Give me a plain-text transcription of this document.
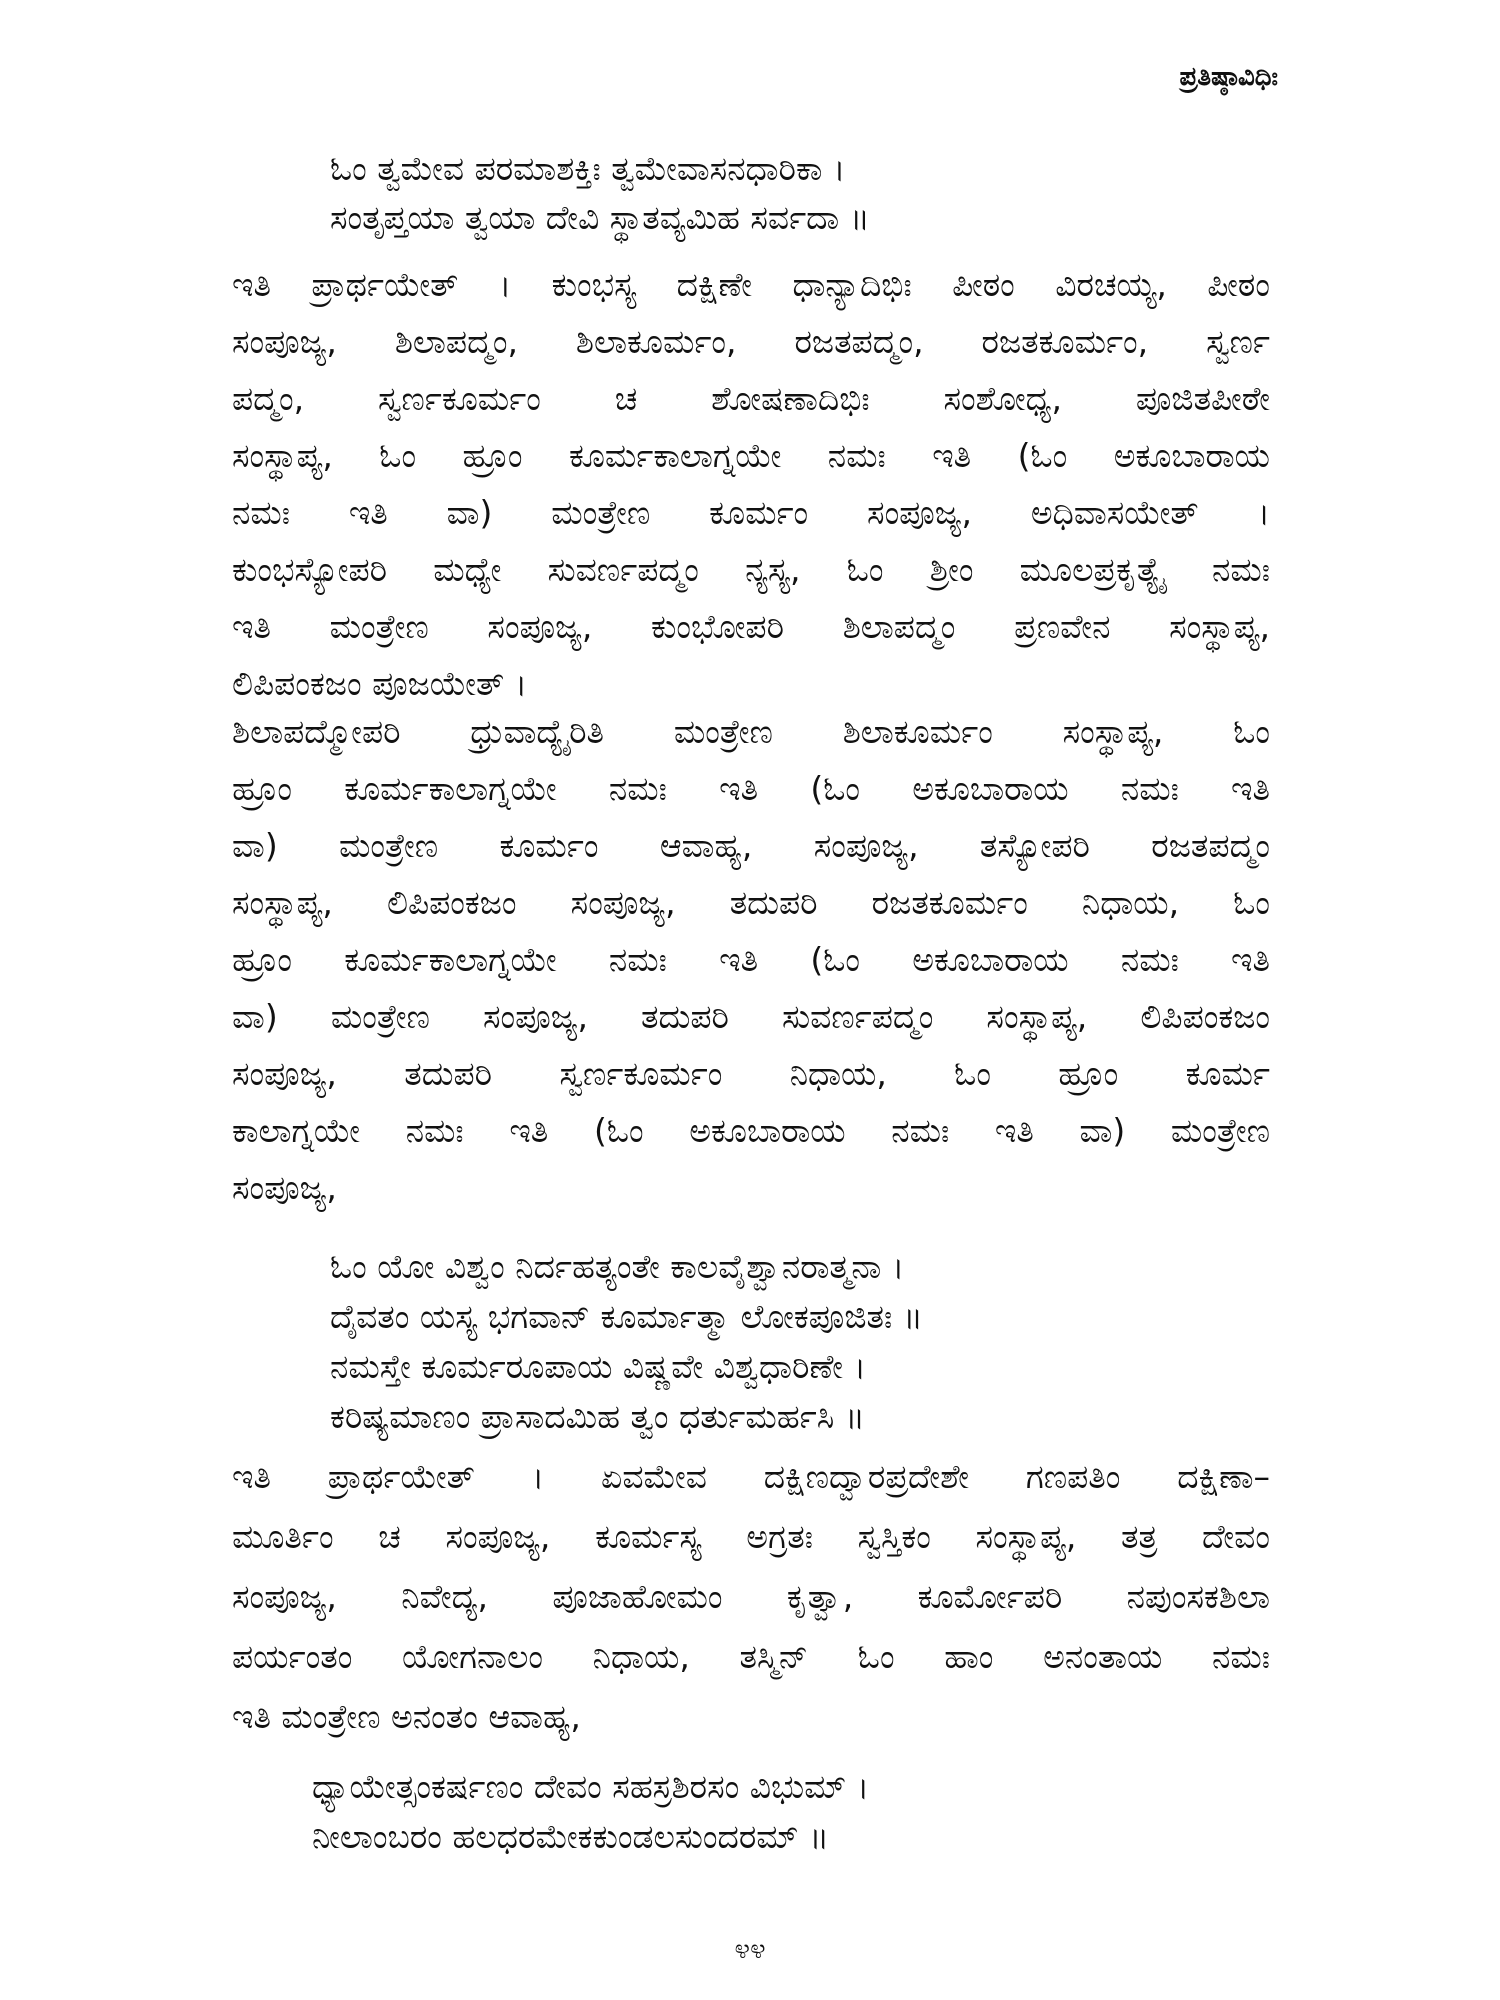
ಪ್ರತಿಷ್ಠಾವಿಧಿಃ
ಓಂ ತ್ವಮೇವ ಪರಮಾಶಕ್ತಿಃ ತ್ವಮೇವಾಸನಧಾರಿಕಾ ।
ಸಂತೃಪ್ತಯಾ ತ್ವಯಾ ದೇವಿ ಸ್ಥಾತವ್ಯಮಿಹ ಸರ್ವದಾ ॥
ಇತಿ ಪ್ರಾರ್ಥಯೇತ್ । ಕುಂಭಸ್ಯ ದಕ್ಷಿಣೇ ಧಾನ್ಯಾದಿಭಿಃ ಪೀಠಂ ವಿರಚಯ್ಯ, ಪೀಠಂ
ಸಂಪೂಜ್ಯ, ಶಿಲಾಪದ್ಮಂ, ಶಿಲಾಕೂರ್ಮಂ, ರಜತಪದ್ಮಂ, ರಜತಕೂರ್ಮಂ, ಸ್ವರ್ಣ
ಪದ್ಮಂ, ಸ್ವರ್ಣಕೂರ್ಮಂ ಚ ಶೋಷಣಾದಿಭಿಃ ಸಂಶೋಧ್ಯ, ಪೂಜಿತಪೀಠೇ
ಸಂಸ್ಥಾಪ್ಯ, ಓಂ ಹ್ರೂಂ ಕೂರ್ಮಕಾಲಾಗ್ನಯೇ ನಮಃ ಇತಿ (ಓಂ ಅಕೂಬಾರಾಯ
ನಮಃ ಇತಿ ವಾ) ಮಂತ್ರೇಣ ಕೂರ್ಮಂ ಸಂಪೂಜ್ಯ, ಅಧಿವಾಸಯೇತ್ ।
ಕುಂಭಸ್ಯೋಪರಿ ಮಧ್ಯೇ ಸುವರ್ಣಪದ್ಮಂ ನ್ಯಸ್ಯ, ಓಂ ಶ್ರೀಂ ಮೂಲಪ್ರಕೃತ್ಯೈ ನಮಃ
ಇತಿ ಮಂತ್ರೇಣ ಸಂಪೂಜ್ಯ, ಕುಂಭೋಪರಿ ಶಿಲಾಪದ್ಮಂ ಪ್ರಣವೇನ ಸಂಸ್ಥಾಪ್ಯ,
ಲಿಪಿಪಂಕಜಂ ಪೂಜಯೇತ್ ।
ಶಿಲಾಪದ್ಮೋಪರಿ ಧ್ರುವಾದ್ಯೈರಿತಿ ಮಂತ್ರೇಣ ಶಿಲಾಕೂರ್ಮಂ ಸಂಸ್ಥಾಪ್ಯ, ಓಂ
ಹ್ರೂಂ ಕೂರ್ಮಕಾಲಾಗ್ನಯೇ ನಮಃ ಇತಿ (ಓಂ ಅಕೂಬಾರಾಯ ನಮಃ ಇತಿ
ವಾ) ಮಂತ್ರೇಣ ಕೂರ್ಮಂ ಆವಾಹ್ಯ, ಸಂಪೂಜ್ಯ, ತಸ್ಯೋಪರಿ ರಜತಪದ್ಮಂ
ಸಂಸ್ಥಾಪ್ಯ, ಲಿಪಿಪಂಕಜಂ ಸಂಪೂಜ್ಯ, ತದುಪರಿ ರಜತಕೂರ್ಮಂ ನಿಧಾಯ, ಓಂ
ಹ್ರೂಂ ಕೂರ್ಮಕಾಲಾಗ್ನಯೇ ನಮಃ ಇತಿ (ಓಂ ಅಕೂಬಾರಾಯ ನಮಃ ಇತಿ
ವಾ) ಮಂತ್ರೇಣ ಸಂಪೂಜ್ಯ, ತದುಪರಿ ಸುವರ್ಣಪದ್ಮಂ ಸಂಸ್ಥಾಪ್ಯ, ಲಿಪಿಪಂಕಜಂ
ಸಂಪೂಜ್ಯ, ತದುಪರಿ ಸ್ವರ್ಣಕೂರ್ಮಂ ನಿಧಾಯ, ಓಂ ಹ್ರೂಂ ಕೂರ್ಮ
ಕಾಲಾಗ್ನಯೇ ನಮಃ ಇತಿ (ಓಂ ಅಕೂಬಾರಾಯ ನಮಃ ಇತಿ ವಾ) ಮಂತ್ರೇಣ
ಸಂಪೂಜ್ಯ,
ಓಂ ಯೋ ವಿಶ್ವಂ ನಿರ್ದಹತ್ಯಂತೇ ಕಾಲವೈಶ್ವಾನರಾತ್ಮನಾ ।
ದೈವತಂ ಯಸ್ಯ ಭಗವಾನ್ ಕೂರ್ಮಾತ್ಮಾ ಲೋಕಪೂಜಿತಃ ॥
ನಮಸ್ತೇ ಕೂರ್ಮರೂಪಾಯ ವಿಷ್ಣವೇ ವಿಶ್ವಧಾರಿಣೇ ।
ಕರಿಷ್ಯಮಾಣಂ ಪ್ರಾಸಾದಮಿಹ ತ್ವಂ ಧರ್ತುಮರ್ಹಸಿ ॥
ಇತಿ ಪ್ರಾರ್ಥಯೇತ್ । ಏವಮೇವ ದಕ್ಷಿಣದ್ವಾರಪ್ರದೇಶೇ ಗಣಪತಿಂ ದಕ್ಷಿಣಾ–
ಮೂರ್ತಿಂ ಚ ಸಂಪೂಜ್ಯ, ಕೂರ್ಮಸ್ಯ ಅಗ್ರತಃ ಸ್ವಸ್ತಿಕಂ ಸಂಸ್ಥಾಪ್ಯ, ತತ್ರ ದೇವಂ
ಸಂಪೂಜ್ಯ, ನಿವೇದ್ಯ, ಪೂಜಾಹೋಮಂ ಕೃತ್ವಾ, ಕೂರ್ಮೋಪರಿ ನಪುಂಸಕಶಿಲಾ
ಪರ್ಯಂತಂ ಯೋಗನಾಲಂ ನಿಧಾಯ, ತಸ್ಮಿನ್ ಓಂ ಹಾಂ ಅನಂತಾಯ ನಮಃ
ಇತಿ ಮಂತ್ರೇಣ ಅನಂತಂ ಆವಾಹ್ಯ,
೪೪
ಧ್ಯಾಯೇತ್ಸಂಕರ್ಷಣಂ ದೇವಂ ಸಹಸ್ರಶಿರಸಂ ವಿಭುಮ್ ।
ನೀಲಾಂಬರಂ ಹಲಧರಮೇಕಕುಂಡಲಸುಂದರಮ್ ॥
